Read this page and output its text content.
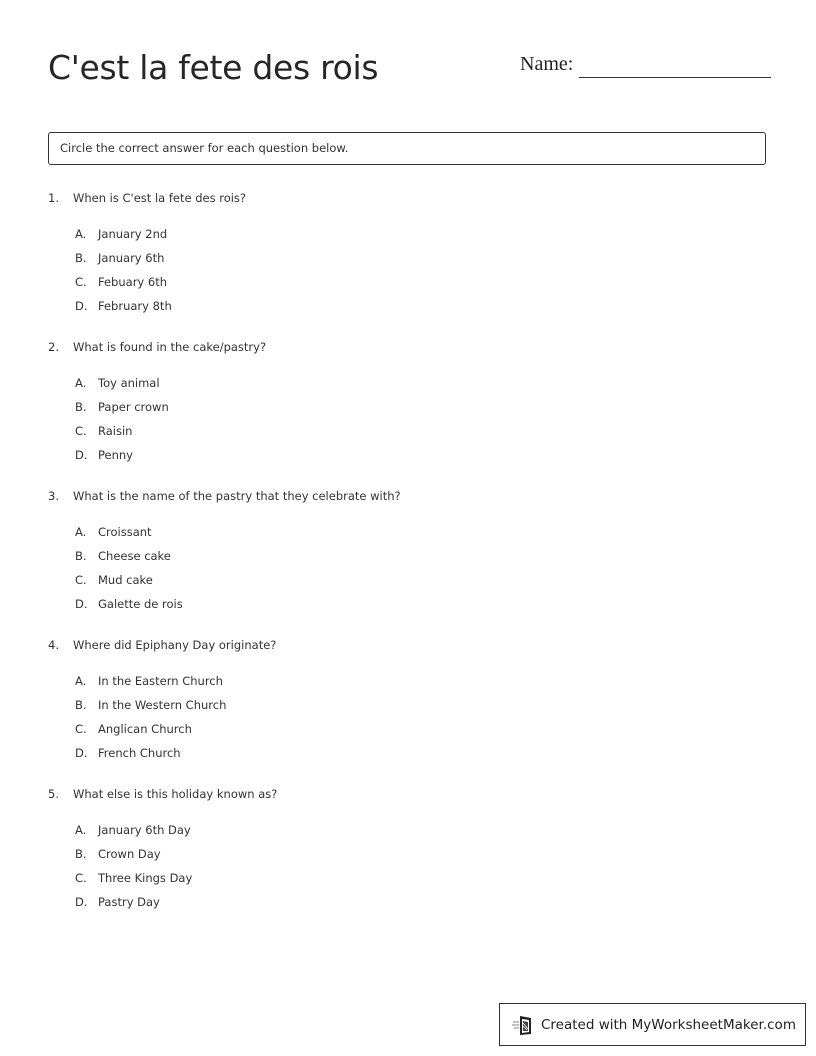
C'est la fete des rois	Name:
Circle the correct answer for each question below.
1.	When is C'est la fete des rois?
A.	January 2nd
B. January 6th
C. Febuary 6th
D. February 8th
2.	What is found in the cake/pastry?
A.	Toy animal
B. Paper crown
C. Raisin
D. Penny
3.	What is the name of the pastry that they celebrate with?
A.	Croissant
B. Cheese cake
C. Mud cake
D. Galette de rois
4.	Where did Epiphany Day originate?
A.	In the Eastern Church
B. In the Western Church
C. Anglican Church
D. French Church
5.	What else is this holiday known as?
A.	January 6th Day
B. Crown Day
C. Three Kings Day
D. Pastry Day
Created with MyWorksheetMaker.com
